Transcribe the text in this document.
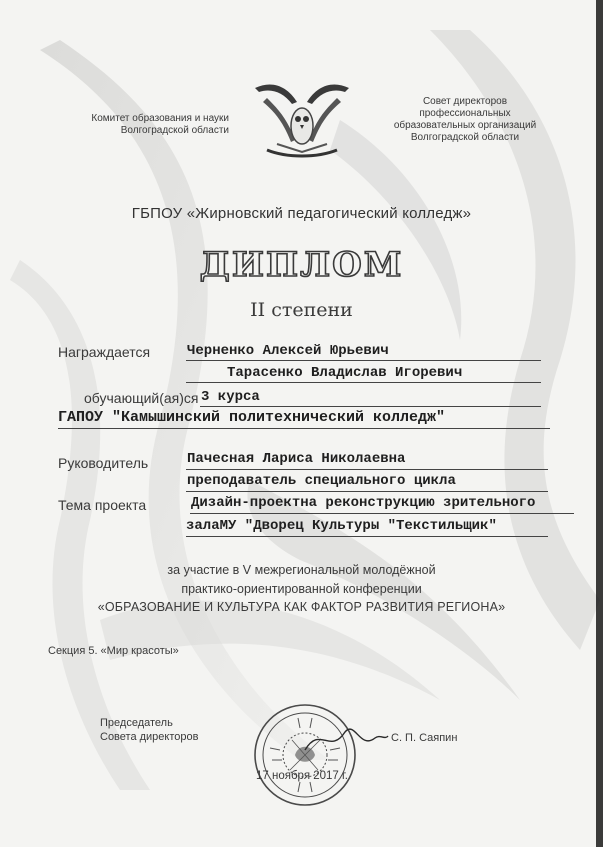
Комитет образования и науки
Волгоградской области
Совет директоров
профессиональных
образовательных организаций
Волгоградской области
ГБПОУ «Жирновский педагогический колледж»
ДИПЛОМ
II степени
Награждается	Черненко Алексей Юрьевич
Тарасенко Владислав Игоревич
обучающий(ая)ся 3 курса
ГАПОУ "Камышинский политехнический колледж"
Руководитель	Пачесная Лариса Николаевна
преподаватель специального цикла
Тема проекта	Дизайн-проектна реконструкцию зрительного
залаМУ "Дворец Культуры "Текстильщик"
за участие в V межрегиональной молодёжной
практико-ориентированной конференции
«ОБРАЗОВАНИЕ И КУЛЬТУРА КАК ФАКТОР РАЗВИТИЯ РЕГИОНА»
Секция 5. «Мир красоты»
Председатель
Совета директоров	С. П. Саяпин
17 ноября 2017 г.
